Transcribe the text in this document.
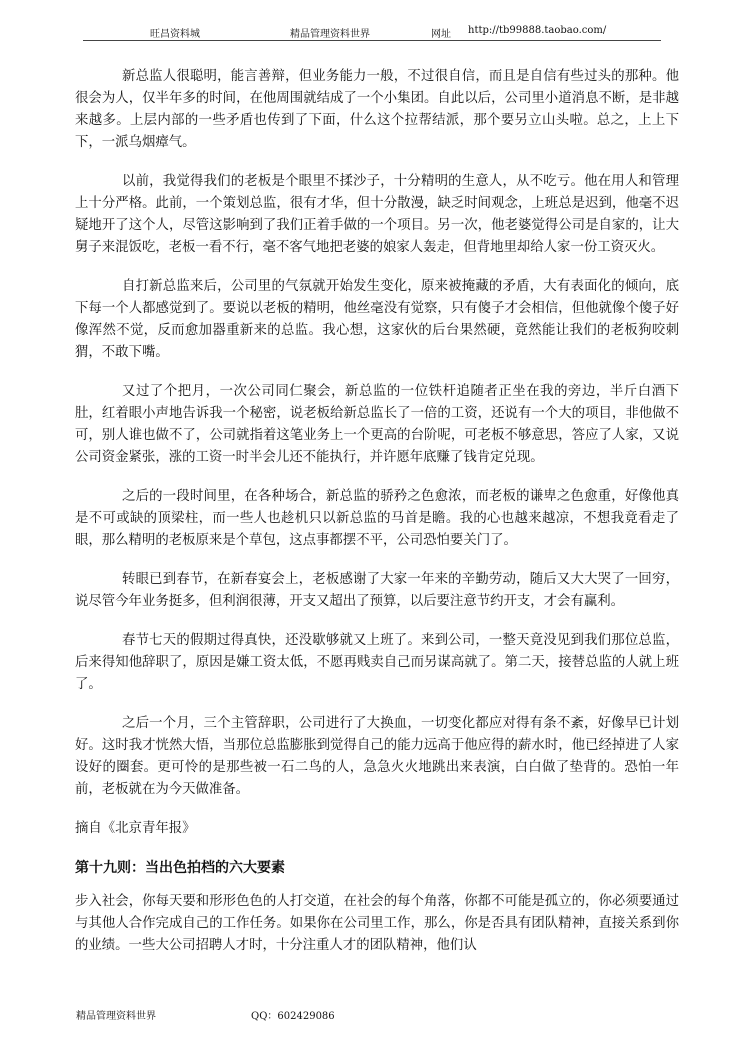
旺昌资料城	精品管理资料世界	网址 http://tb99888.taobao.com/

新总监人很聪明，能言善辩，但业务能力一般，不过很自信，而且是自信有些过头的那种。他很会为人，仅半年多的时间，在他周围就结成了一个小集团。自此以后，公司里小道消息不断，是非越来越多。上层内部的一些矛盾也传到了下面，什么这个拉帮结派，那个要另立山头啦。总之，上上下下，一派乌烟瘴气。

以前，我觉得我们的老板是个眼里不揉沙子，十分精明的生意人，从不吃亏。他在用人和管理上十分严格。此前，一个策划总监，很有才华，但十分散漫，缺乏时间观念，上班总是迟到，他毫不迟疑地开了这个人，尽管这影响到了我们正着手做的一个项目。另一次，他老婆觉得公司是自家的，让大舅子来混饭吃，老板一看不行，毫不客气地把老婆的娘家人轰走，但背地里却给人家一份工资灭火。

自打新总监来后，公司里的气氛就开始发生变化，原来被掩藏的矛盾，大有表面化的倾向，底下每一个人都感觉到了。要说以老板的精明，他丝毫没有觉察，只有傻子才会相信，但他就像个傻子好像浑然不觉，反而愈加器重新来的总监。我心想，这家伙的后台果然硬，竟然能让我们的老板狗咬刺猬，不敢下嘴。

又过了个把月，一次公司同仁聚会，新总监的一位铁杆追随者正坐在我的旁边，半斤白酒下肚，红着眼小声地告诉我一个秘密，说老板给新总监长了一倍的工资，还说有一个大的项目，非他做不可，别人谁也做不了，公司就指着这笔业务上一个更高的台阶呢，可老板不够意思，答应了人家，又说公司资金紧张，涨的工资一时半会儿还不能执行，并许愿年底赚了钱肯定兑现。

之后的一段时间里，在各种场合，新总监的骄矜之色愈浓，而老板的谦卑之色愈重，好像他真是不可或缺的顶梁柱，而一些人也趁机只以新总监的马首是瞻。我的心也越来越凉，不想我竟看走了眼，那么精明的老板原来是个草包，这点事都摆不平，公司恐怕要关门了。

转眼已到春节，在新春宴会上，老板感谢了大家一年来的辛勤劳动，随后又大大哭了一回穷，说尽管今年业务挺多，但利润很薄，开支又超出了预算，以后要注意节约开支，才会有赢利。

春节七天的假期过得真快，还没歇够就又上班了。来到公司，一整天竟没见到我们那位总监，后来得知他辞职了，原因是嫌工资太低，不愿再贱卖自己而另谋高就了。第二天，接替总监的人就上班了。

之后一个月，三个主管辞职，公司进行了大换血，一切变化都应对得有条不紊，好像早已计划好。这时我才恍然大悟，当那位总监膨胀到觉得自己的能力远高于他应得的薪水时，他已经掉进了人家设好的圈套。更可怜的是那些被一石二鸟的人，急急火火地跳出来表演，白白做了垫背的。恐怕一年前，老板就在为今天做准备。

摘自《北京青年报》

第十九则：当出色拍档的六大要素

步入社会，你每天要和形形色色的人打交道，在社会的每个角落，你都不可能是孤立的，你必须要通过与其他人合作完成自己的工作任务。如果你在公司里工作，那么，你是否具有团队精神，直接关系到你的业绩。一些大公司招聘人才时，十分注重人才的团队精神，他们认

精品管理资料世界	QQ：602429086
